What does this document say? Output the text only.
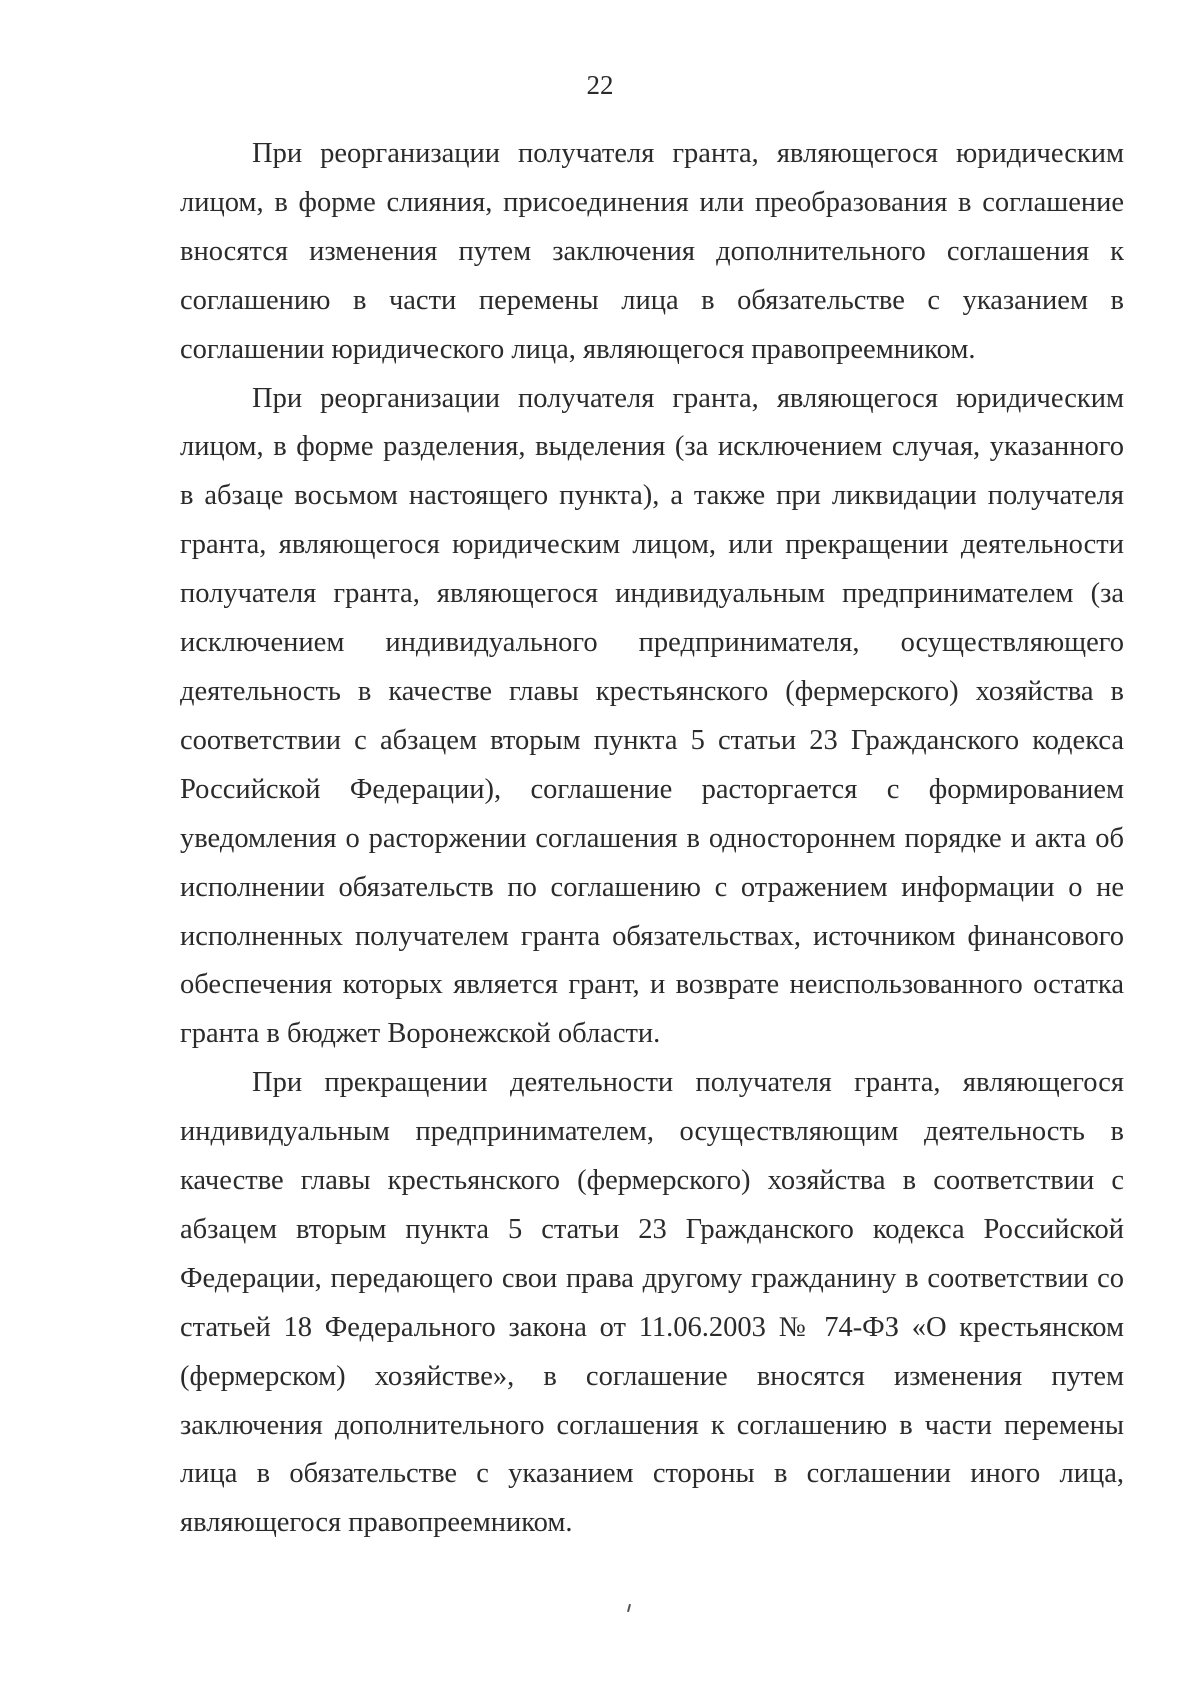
22

При реорганизации получателя гранта, являющегося юридическим лицом, в форме слияния, присоединения или преобразования в соглашение вносятся изменения путем заключения дополнительного соглашения к соглашению в части перемены лица в обязательстве с указанием в соглашении юридического лица, являющегося правопреемником.

При реорганизации получателя гранта, являющегося юридическим лицом, в форме разделения, выделения (за исключением случая, указанного в абзаце восьмом настоящего пункта), а также при ликвидации получателя гранта, являющегося юридическим лицом, или прекращении деятельности получателя гранта, являющегося индивидуальным предпринимателем (за исключением индивидуального предпринимателя, осуществляющего деятельность в качестве главы крестьянского (фермерского) хозяйства в соответствии с абзацем вторым пункта 5 статьи 23 Гражданского кодекса Российской Федерации), соглашение расторгается с формированием уведомления о расторжении соглашения в одностороннем порядке и акта об исполнении обязательств по соглашению с отражением информации о не исполненных получателем гранта обязательствах, источником финансового обеспечения которых является грант, и возврате неиспользованного остатка гранта в бюджет Воронежской области.

При прекращении деятельности получателя гранта, являющегося индивидуальным предпринимателем, осуществляющим деятельность в качестве главы крестьянского (фермерского) хозяйства в соответствии с абзацем вторым пункта 5 статьи 23 Гражданского кодекса Российской Федерации, передающего свои права другому гражданину в соответствии со статьей 18 Федерального закона от 11.06.2003 № 74-ФЗ «О крестьянском (фермерском) хозяйстве», в соглашение вносятся изменения путем заключения дополнительного соглашения к соглашению в части перемены лица в обязательстве с указанием стороны в соглашении иного лица, являющегося правопреемником.
